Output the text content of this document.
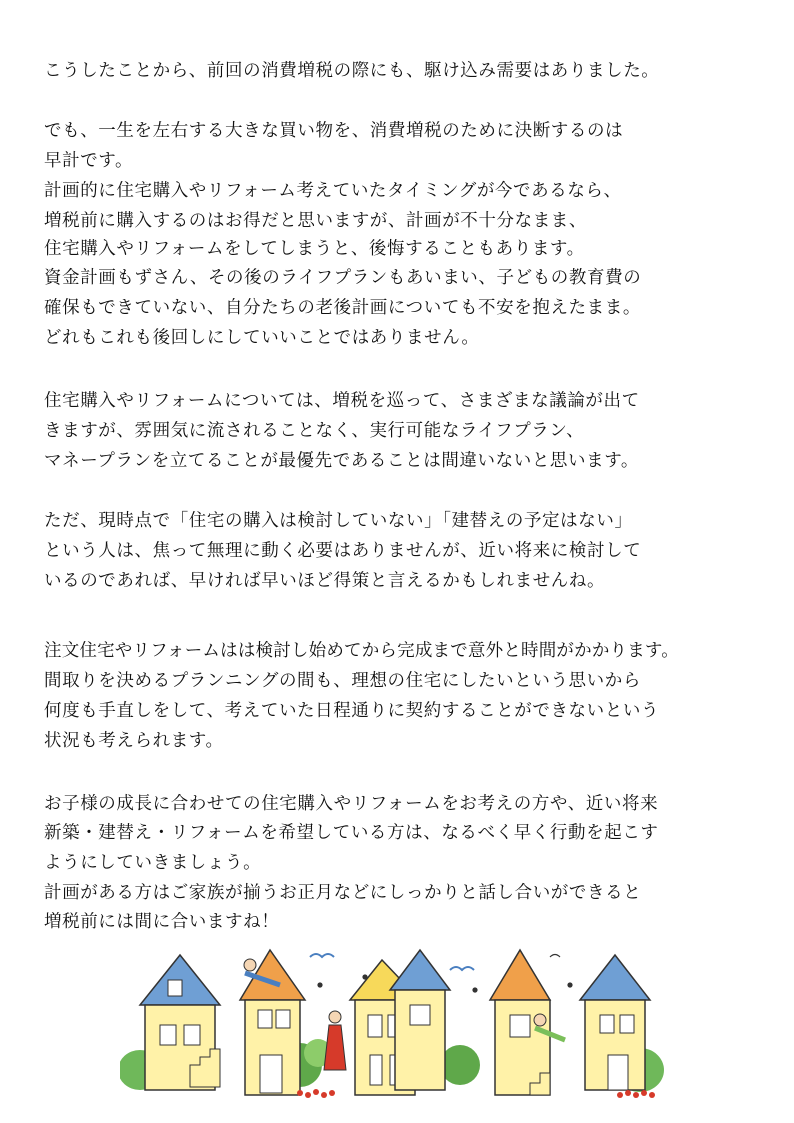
こうしたことから、前回の消費増税の際にも、駆け込み需要はありました。
でも、一生を左右する大きな買い物を、消費増税のために決断するのは
早計です。
計画的に住宅購入やリフォーム考えていたタイミングが今であるなら、
増税前に購入するのはお得だと思いますが、計画が不十分なまま、
住宅購入やリフォームをしてしまうと、後悔することもあります。
資金計画もずさん、その後のライフプランもあいまい、子どもの教育費の
確保もできていない、自分たちの老後計画についても不安を抱えたまま。
どれもこれも後回しにしていいことではありません。
住宅購入やリフォームについては、増税を巡って、さまざまな議論が出て
きますが、雰囲気に流されることなく、実行可能なライフプラン、
マネープランを立てることが最優先であることは間違いないと思います。
ただ、現時点で「住宅の購入は検討していない」「建替えの予定はない」
という人は、焦って無理に動く必要はありませんが、近い将来に検討して
いるのであれば、早ければ早いほど得策と言えるかもしれませんね。
注文住宅やリフォームはは検討し始めてから完成まで意外と時間がかかります。
間取りを決めるプランニングの間も、理想の住宅にしたいという思いから
何度も手直しをして、考えていた日程通りに契約することができないという
状況も考えられます。
お子様の成長に合わせての住宅購入やリフォームをお考えの方や、近い将来
新築・建替え・リフォームを希望している方は、なるべく早く行動を起こす
ようにしていきましょう。
計画がある方はご家族が揃うお正月などにしっかりと話し合いができると
増税前には間に合いますね！
